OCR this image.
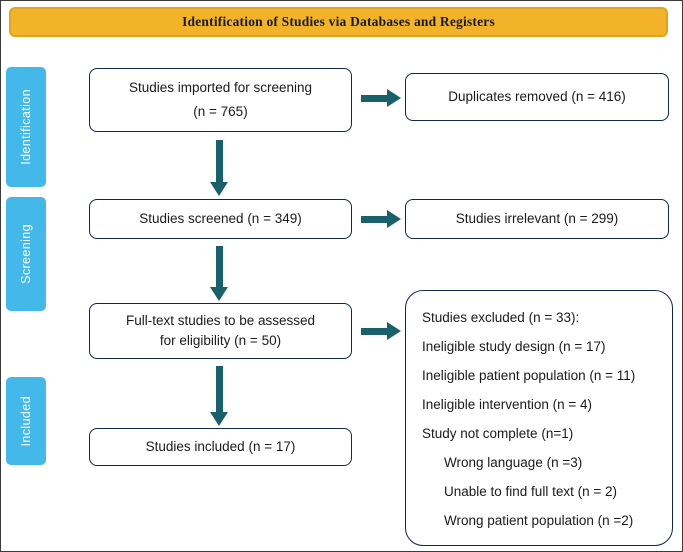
Identification of Studies via Databases and Registers
Identification
Screening
Included
Studies imported for screening
(n = 765)
Duplicates removed (n = 416)
Studies screened (n = 349)	Studies irrelevant (n = 299)
Full-text studies to be assessed
for eligibility (n = 50)
Studies excluded (n = 33):
Ineligible study design (n = 17)
Ineligible patient population (n = 11)
Ineligible intervention (n = 4)
Study not complete (n=1)
Wrong language (n =3)
Unable to find full text (n = 2)
Wrong patient population (n =2)
Studies included (n = 17)
